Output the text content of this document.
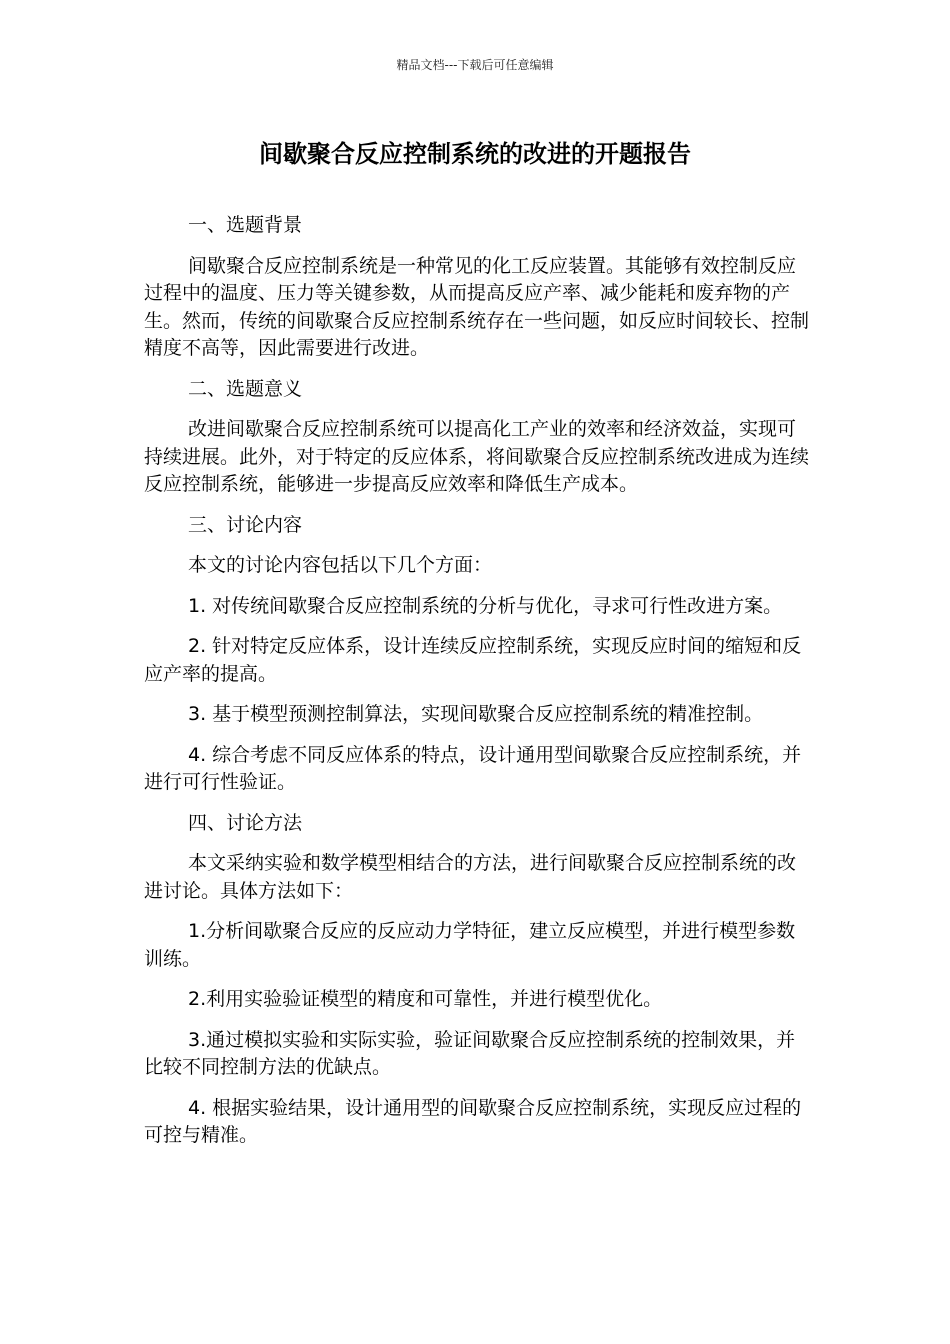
精品文档---下载后可任意编辑
间歇聚合反应控制系统的改进的开题报告
一、选题背景
间歇聚合反应控制系统是一种常见的化工反应装置。其能够有效控制反应过程中的温度、压力等关键参数，从而提高反应产率、减少能耗和废弃物的产生。然而，传统的间歇聚合反应控制系统存在一些问题，如反应时间较长、控制精度不高等，因此需要进行改进。
二、选题意义
改进间歇聚合反应控制系统可以提高化工产业的效率和经济效益，实现可持续进展。此外，对于特定的反应体系，将间歇聚合反应控制系统改进成为连续反应控制系统，能够进一步提高反应效率和降低生产成本。
三、讨论内容
本文的讨论内容包括以下几个方面：
1. 对传统间歇聚合反应控制系统的分析与优化，寻求可行性改进方案。
2. 针对特定反应体系，设计连续反应控制系统，实现反应时间的缩短和反应产率的提高。
3. 基于模型预测控制算法，实现间歇聚合反应控制系统的精准控制。
4. 综合考虑不同反应体系的特点，设计通用型间歇聚合反应控制系统，并进行可行性验证。
四、讨论方法
本文采纳实验和数学模型相结合的方法，进行间歇聚合反应控制系统的改进讨论。具体方法如下：
1.分析间歇聚合反应的反应动力学特征，建立反应模型，并进行模型参数训练。
2.利用实验验证模型的精度和可靠性，并进行模型优化。
3.通过模拟实验和实际实验，验证间歇聚合反应控制系统的控制效果，并比较不同控制方法的优缺点。
4. 根据实验结果，设计通用型的间歇聚合反应控制系统，实现反应过程的可控与精准。
